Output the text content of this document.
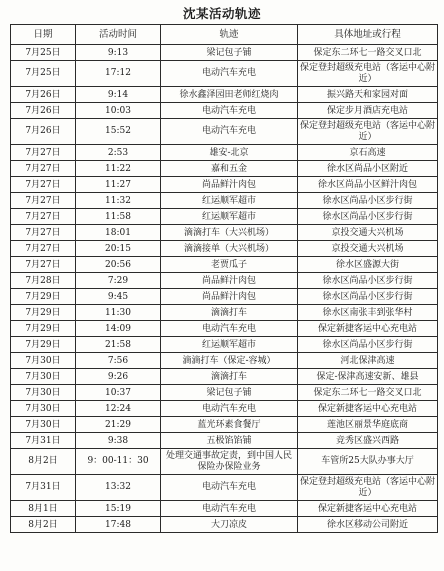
沈某活动轨迹
日期	活动时间	轨迹	具体地址或行程
7月25日	9:13	梁记包子铺	保定东二环七一路交叉口北
7月25日	17:12	电动汽车充电	保定登封超级充电站（客运中心附近）
7月26日	9:14	徐水鑫泽园田老师红烧肉	振兴路天和家园对面
7月26日	10:03	电动汽车充电	保定步月酒店充电站
7月26日	15:52	电动汽车充电	保定登封超级充电站（客运中心附近）
7月27日	2:53	雄安-北京	京石高速
7月27日	11:22	嘉和五金	徐水区尚品小区附近
7月27日	11:27	尚品鲜汁肉包	徐水区尚品小区鲜汁肉包
7月27日	11:32	红运顺军超市	徐水区尚品小区步行街
7月27日	11:58	红运顺军超市	徐水区尚品小区步行街
7月27日	18:01	滴滴打车（大兴机场）	京投交通大兴机场
7月27日	20:15	滴滴接单（大兴机场）	京投交通大兴机场
7月27日	20:56	老贾瓜子	徐水区盛源大街
7月28日	7:29	尚品鲜汁肉包	徐水区尚品小区步行街
7月29日	9:45	尚品鲜汁肉包	徐水区尚品小区步行街
7月29日	11:30	滴滴打车	徐水区南张丰到张华村
7月29日	14:09	电动汽车充电	保定新捷客运中心充电站
7月29日	21:58	红运顺军超市	徐水区尚品小区步行街
7月30日	7:56	滴滴打车（保定-容城）	河北保津高速
7月30日	9:26	滴滴打车	保定-保津高速安新、雄县
7月30日	10:37	梁记包子铺	保定东二环七一路交叉口北
7月30日	12:24	电动汽车充电	保定新捷客运中心充电站
7月30日	21:29	蓝光环素食餐厅	莲池区丽景华庭底商
7月31日	9:38	五极馅馅铺	竞秀区盛兴西路
8月2日	9：00-11：30	处理交通事故定责，到中国人民保险办保险业务	车管所25大队办事大厅
7月31日	13:32	电动汽车充电	保定登封超级充电站（客运中心附近）
8月1日	15:19	电动汽车充电	保定新捷客运中心充电站
8月2日	17:48	大刀凉皮	徐水区移动公司附近
